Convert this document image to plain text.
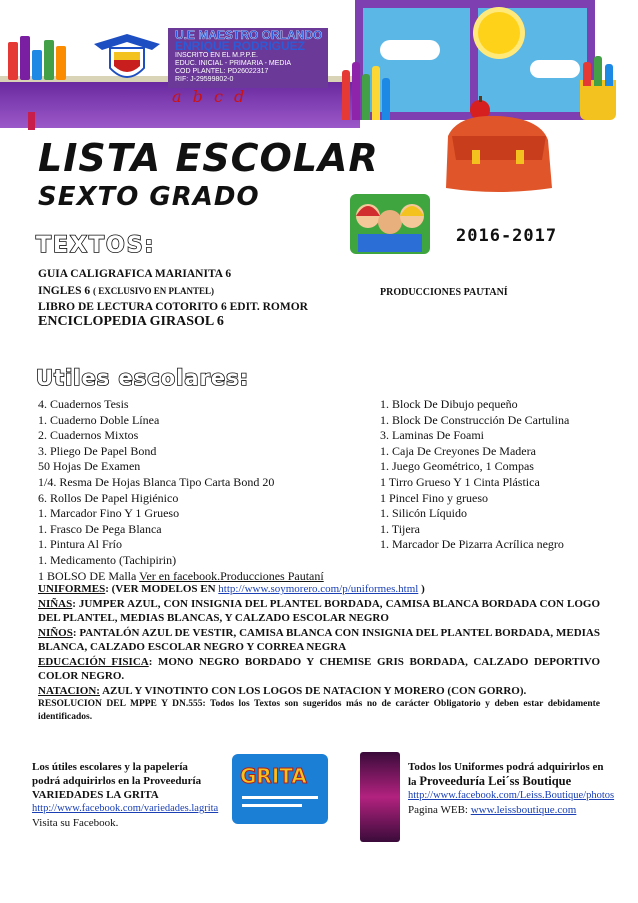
U.E MAESTRO ORLANDO
ENRIQUE RODRIGUEZ
INSCRITO EN EL M.P.P.E.
EDUC. INICIAL - PRIMARIA - MEDIA
COD PLANTEL: PD26022317
RIF: J-29599802-0
a b c d
LISTA ESCOLAR
SEXTO GRADO
2016-2017
TEXTOS:
GUIA CALIGRAFICA MARIANITA 6
INGLES 6 ( EXCLUSIVO EN PLANTEL)	PRODUCCIONES PAUTANÍ
LIBRO DE LECTURA COTORITO 6 EDIT. ROMOR
ENCICLOPEDIA GIRASOL 6
Utiles escolares:
4. Cuadernos Tesis
1. Cuaderno Doble Línea
2. Cuadernos Mixtos
3. Pliego De Papel Bond
50 Hojas De Examen
1/4. Resma De Hojas Blanca Tipo Carta Bond 20
6. Rollos De Papel Higiénico
1. Marcador Fino Y 1 Grueso
1. Frasco De Pega Blanca
1. Pintura Al Frío
1. Medicamento (Tachipirin)
1 BOLSO DE Malla Ver en facebook.Producciones Pautaní
1. Block De Dibujo pequeño
1. Block De Construcción De Cartulina
3. Laminas De Foami
1. Caja De Creyones De Madera
1. Juego Geométrico, 1 Compas
1 Tirro Grueso Y 1 Cinta Plástica
1 Pincel Fino y grueso
1. Silicón Líquido
1. Tijera
1. Marcador De Pizarra Acrílica negro
UNIFORMES: (VER MODELOS EN http://www.soymorero.com/p/uniformes.html )
NIÑAS: JUMPER AZUL, CON INSIGNIA DEL PLANTEL BORDADA, CAMISA BLANCA BORDADA CON LOGO DEL PLANTEL, MEDIAS BLANCAS, Y CALZADO ESCOLAR NEGRO
NIÑOS: PANTALÓN AZUL DE VESTIR, CAMISA BLANCA CON INSIGNIA DEL PLANTEL BORDADA, MEDIAS BLANCA, CALZADO ESCOLAR NEGRO Y CORREA NEGRA
EDUCACIÓN FISICA: MONO NEGRO BORDADO Y CHEMISE GRIS BORDADA, CALZADO DEPORTIVO COLOR NEGRO.
NATACION: AZUL Y VINOTINTO CON LOS LOGOS DE NATACION Y MORERO (CON GORRO).
RESOLUCION DEL MPPE Y DN.555: Todos los Textos son sugeridos más no de carácter Obligatorio y deben estar debidamente identificados.
Los útiles escolares y la papelería
podrá adquirirlos en la Proveeduría
VARIEDADES LA GRITA
http://www.facebook.com/variedades.lagrita
Visita su Facebook.
GRITA	Todos los Uniformes podrá adquirirlos en
la Proveeduría Lei´ss Boutique
http://www.facebook.com/Leiss.Boutique/photos
Pagina WEB: www.leissboutique.com
